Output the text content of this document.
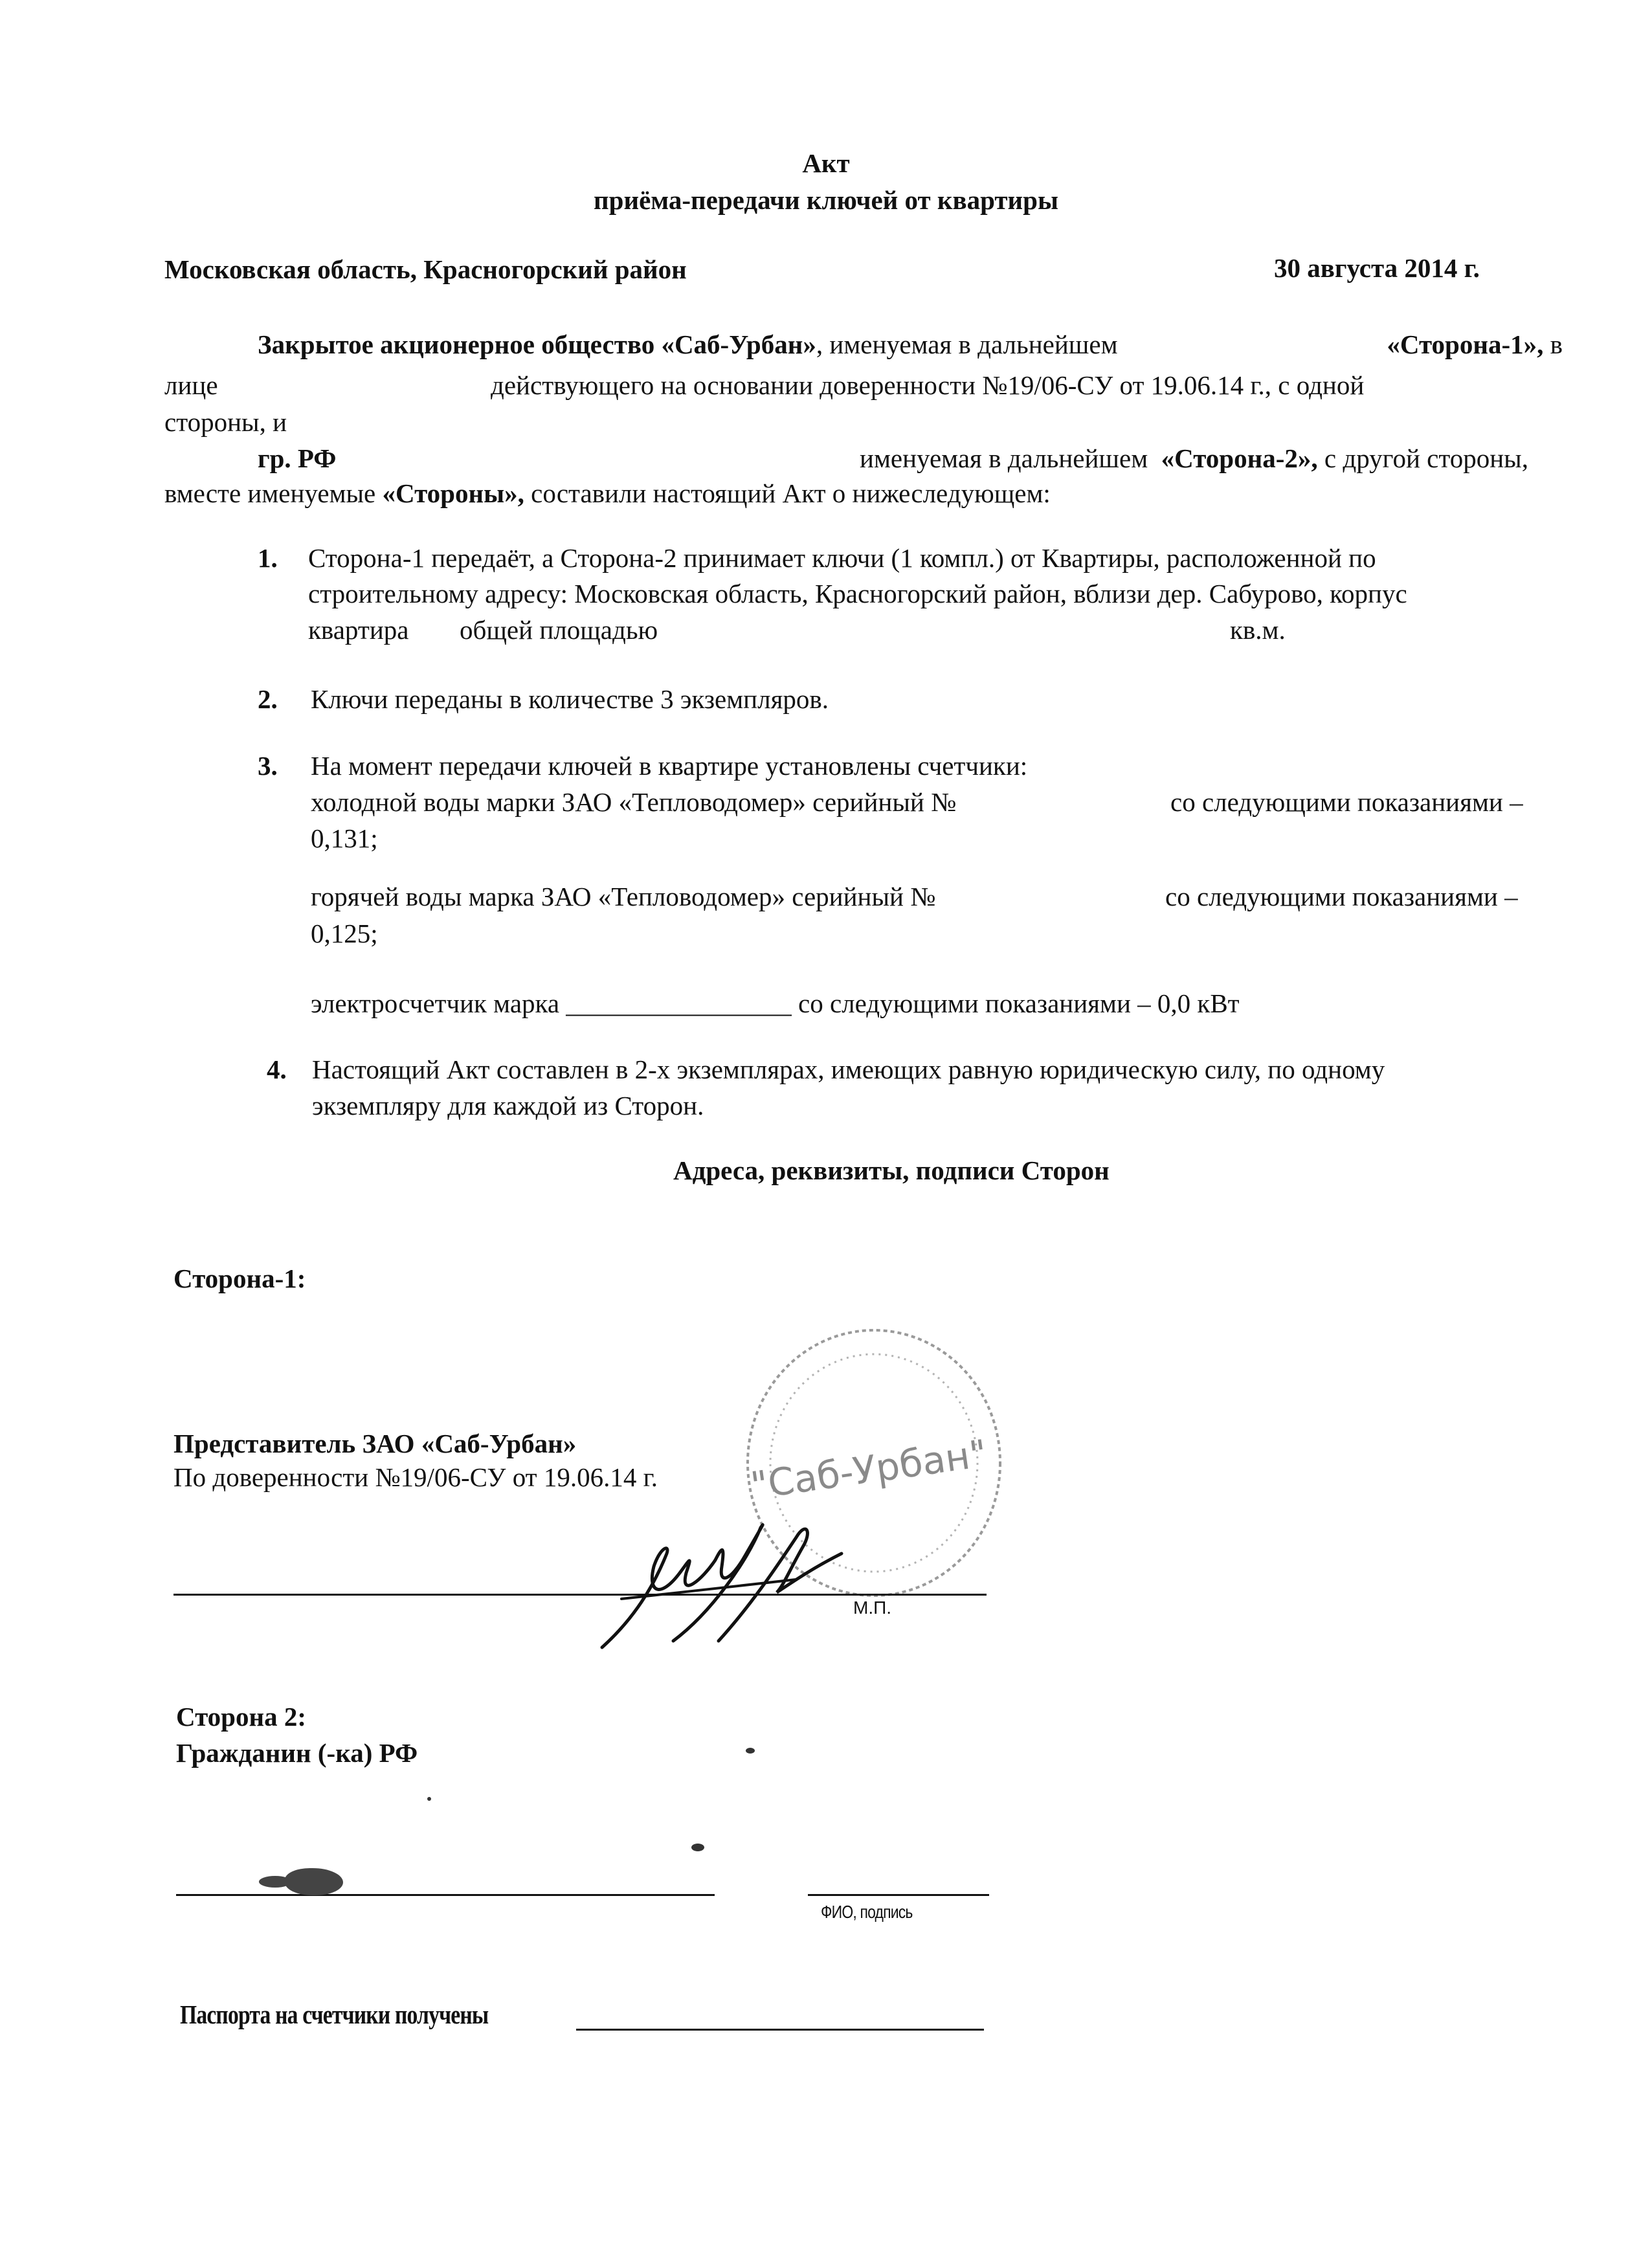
Акт
приёма-передачи ключей от квартиры
Московская область, Красногорский район	30 августа 2014 г.
Закрытое акционерное общество «Саб-Урбан», именуемая в дальнейшем	«Сторона-1», в
лице	действующего на основании доверенности №19/06-СУ от 19.06.14 г., с одной
стороны, и
гр. РФ	именуемая в дальнейшем «Сторона-2», с другой стороны,
вместе именуемые «Стороны», составили настоящий Акт о нижеследующем:
1. Сторона-1 передаёт, а Сторона-2 принимает ключи (1 компл.) от Квартиры, расположенной по
строительному адресу: Московская область, Красногорский район, вблизи дер. Сабурово, корпус
квартира общей площадью	кв.м.
2. Ключи переданы в количестве 3 экземпляров.
3. На момент передачи ключей в квартире установлены счетчики:
холодной воды марки ЗАО «Тепловодомер» серийный №	со следующими показаниями –
0,131;
горячей воды марка ЗАО «Тепловодомер» серийный №	со следующими показаниями –
0,125;
электросчетчик марка _________________ со следующими показаниями – 0,0 кВт
4. Настоящий Акт составлен в 2-х экземплярах, имеющих равную юридическую силу, по одному
экземпляру для каждой из Сторон.
Адреса, реквизиты, подписи Сторон
Сторона-1:
"Саб-Урбан"
Представитель ЗАО «Саб-Урбан»
По доверенности №19/06-СУ от 19.06.14 г.
М.П.
Сторона 2:
Гражданин (-ка) РФ
ФИО, подпись
Паспорта на счетчики получены
